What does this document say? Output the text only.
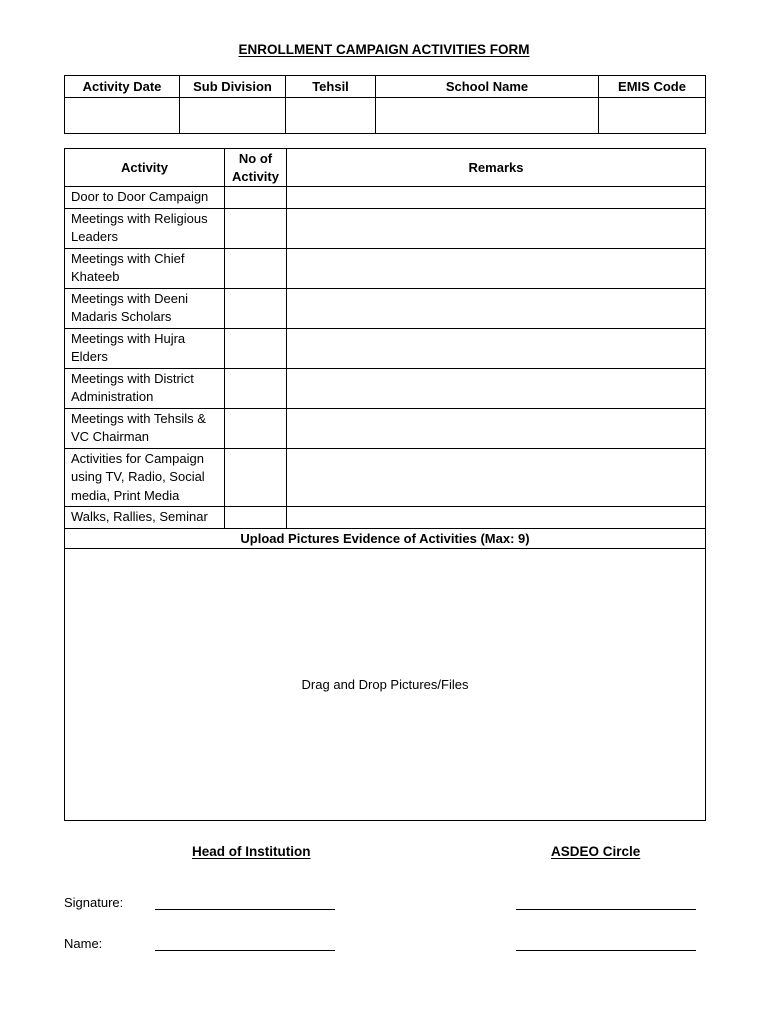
ENROLLMENT CAMPAIGN ACTIVITIES FORM
Activity Date	Sub Division	Tehsil	School Name	EMIS Code

Activity	No of Activity	Remarks
Door to Door Campaign		
Meetings with Religious Leaders		
Meetings with Chief Khateeb		
Meetings with Deeni Madaris Scholars		
Meetings with Hujra Elders		
Meetings with District Administration		
Meetings with Tehsils & VC Chairman		
Activities for Campaign using TV, Radio, Social media, Print Media		
Walks, Rallies, Seminar		
Upload Pictures Evidence of Activities (Max: 9)		
Drag and Drop Pictures/Files		
Head of Institution	ASDEO Circle
Signature:
Name:
